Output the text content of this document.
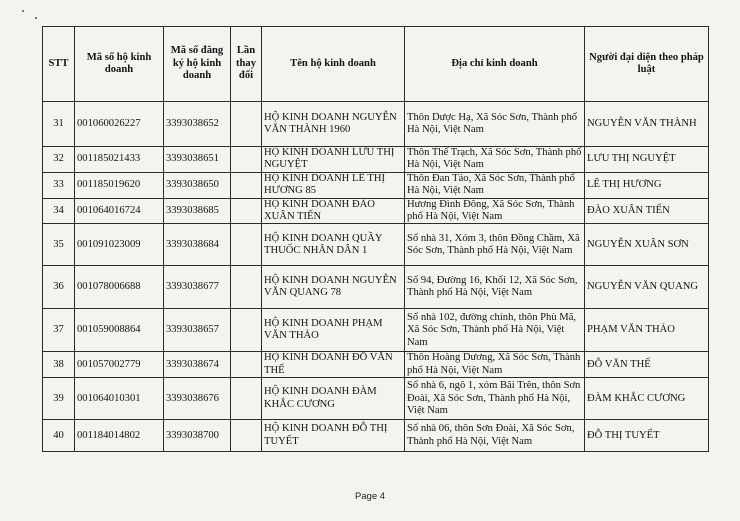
STT	Mã số hộ kinh doanh	Mã số đăng ký hộ kinh doanh	Lần thay đổi	Tên hộ kinh doanh	Địa chỉ kinh doanh	Người đại diện theo pháp luật
31	001060026227	3393038652		HỘ KINH DOANH NGUYỄN VĂN THÀNH 1960	Thôn Dược Hạ, Xã Sóc Sơn, Thành phố Hà Nội, Việt Nam	NGUYỄN VĂN THÀNH
32	001185021433	3393038651		HỘ KINH DOANH LƯU THỊ NGUYỆT	Thôn Thế Trạch, Xã Sóc Sơn, Thành phố Hà Nội, Việt Nam	LƯU THỊ NGUYỆT
33	001185019620	3393038650		HỘ KINH DOANH LÊ THỊ HƯƠNG 85	Thôn Đan Tảo, Xã Sóc Sơn, Thành phố Hà Nội, Việt Nam	LÊ THỊ HƯƠNG
34	001064016724	3393038685		HỘ KINH DOANH ĐÀO XUÂN TIẾN	Hương Đình Đông, Xã Sóc Sơn, Thành phố Hà Nội, Việt Nam	ĐÀO XUÂN TIẾN
35	001091023009	3393038684		HỘ KINH DOANH QUẦY THUỐC NHÂN DÂN 1	Số nhà 31, Xóm 3, thôn Đồng Chầm, Xã Sóc Sơn, Thành phố Hà Nội, Việt Nam	NGUYỄN XUÂN SƠN
36	001078006688	3393038677		HỘ KINH DOANH NGUYỄN VĂN QUANG 78	Số 94, Đường 16, Khối 12, Xã Sóc Sơn, Thành phố Hà Nội, Việt Nam	NGUYỄN VĂN QUANG
37	001059008864	3393038657		HỘ KINH DOANH PHẠM VĂN THẢO	Số nhà 102, đường chính, thôn Phù Mã, Xã Sóc Sơn, Thành phố Hà Nội, Việt Nam	PHẠM VĂN THẢO
38	001057002779	3393038674		HỘ KINH DOANH ĐỖ VĂN THẾ	Thôn Hoàng Dương, Xã Sóc Sơn, Thành phố Hà Nội, Việt Nam	ĐỖ VĂN THẾ
39	001064010301	3393038676		HỘ KINH DOANH ĐÀM KHẮC CƯƠNG	Số nhà 6, ngõ 1, xóm Bãi Trên, thôn Sơn Đoài, Xã Sóc Sơn, Thành phố Hà Nội, Việt Nam	ĐÀM KHẮC CƯƠNG
40	001184014802	3393038700		HỘ KINH DOANH ĐỖ THỊ TUYẾT	Số nhà 06, thôn Sơn Đoài, Xã Sóc Sơn, Thành phố Hà Nội, Việt Nam	ĐỖ THỊ TUYẾT
Page 4
